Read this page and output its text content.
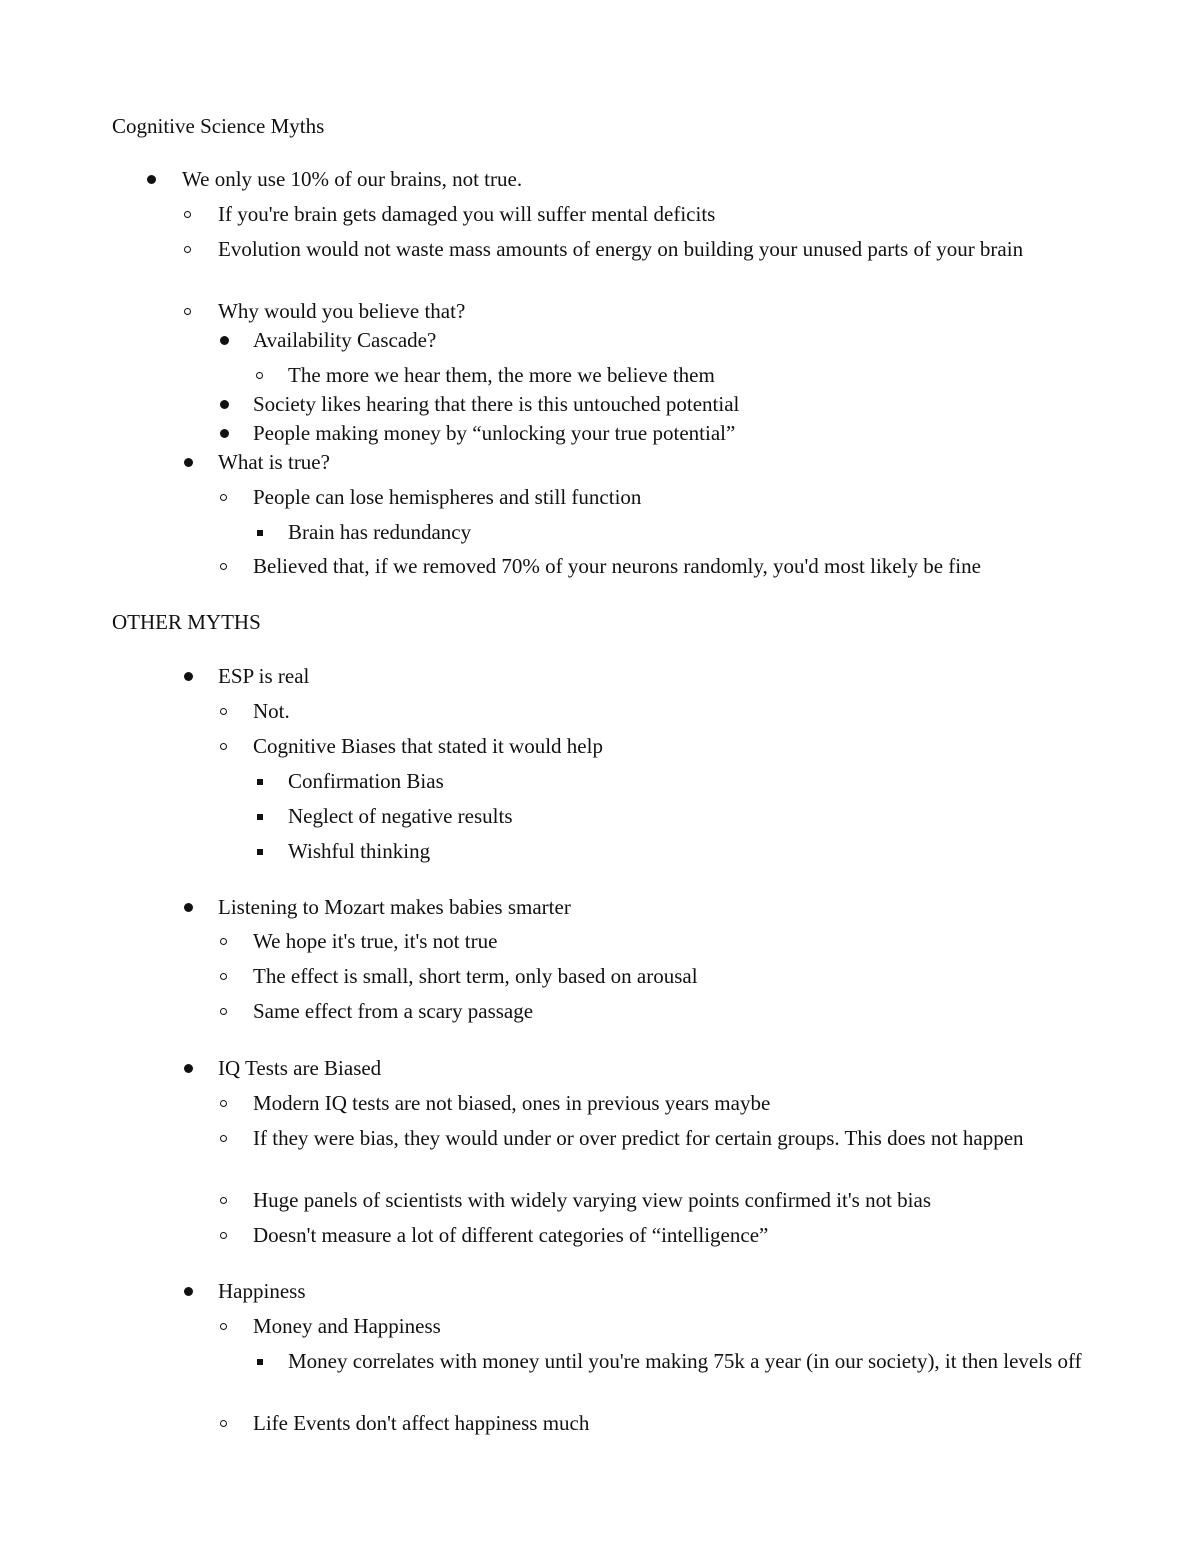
Cognitive Science Myths
OTHER MYTHS
We only use 10% of our brains, not true.
If you're brain gets damaged you will suffer mental deficits
Evolution would not waste mass amounts of energy on building your unused parts of your brain
Why would you believe that?
Availability Cascade?
The more we hear them, the more we believe them
Society likes hearing that there is this untouched potential
People making money by “unlocking your true potential”
What is true?
People can lose hemispheres and still function
Brain has redundancy
Believed that, if we removed 70% of your neurons randomly, you'd most likely be fine
ESP is real
Not.
Cognitive Biases that stated it would help
Confirmation Bias
Neglect of negative results
Wishful thinking
Listening to Mozart makes babies smarter
We hope it's true, it's not true
The effect is small, short term, only based on arousal
Same effect from a scary passage
IQ Tests are Biased
Modern IQ tests are not biased, ones in previous years maybe
If they were bias, they would under or over predict for certain groups. This does not happen
Huge panels of scientists with widely varying view points confirmed it's not bias
Doesn't measure a lot of different categories of “intelligence”
Happiness
Money and Happiness
Money correlates with money until you're making 75k a year (in our society), it then levels off
Life Events don't affect happiness much
